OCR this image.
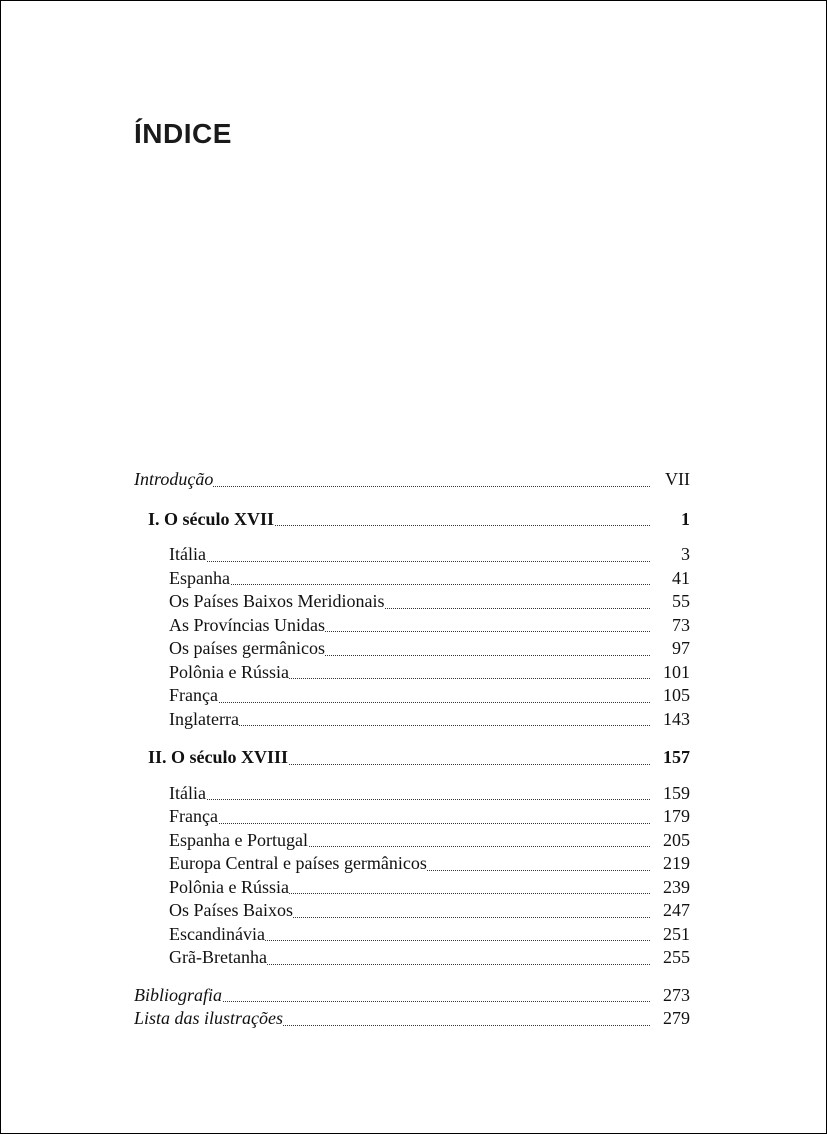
ÍNDICE
Introdução	VII
I. O século XVII	1
Itália	3
Espanha	41
Os Países Baixos Meridionais	55
As Províncias Unidas	73
Os países germânicos	97
Polônia e Rússia	101
França	105
Inglaterra	143
II. O século XVIII	157
Itália	159
França	179
Espanha e Portugal	205
Europa Central e países germânicos	219
Polônia e Rússia	239
Os Países Baixos	247
Escandinávia	251
Grã-Bretanha	255
Bibliografia	273
Lista das ilustrações	279
